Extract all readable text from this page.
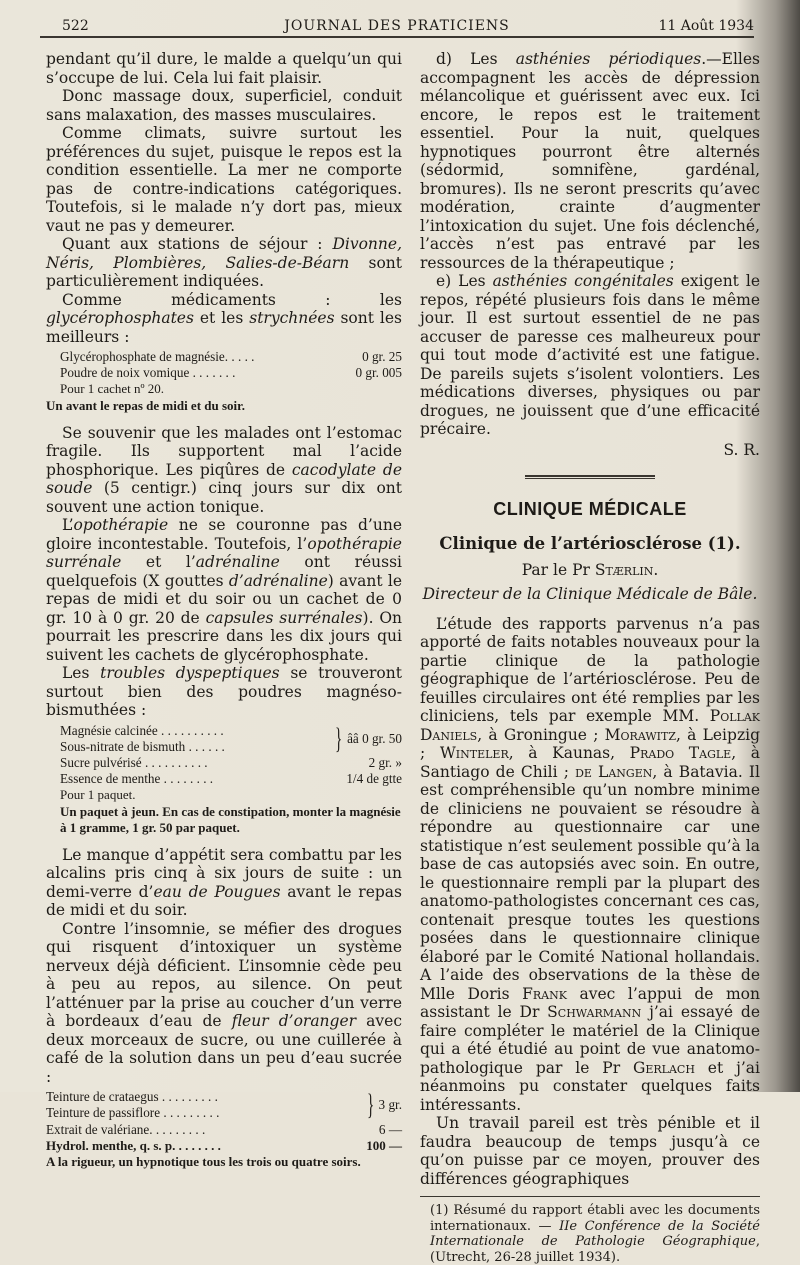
522	JOURNAL DES PRATICIENS	11 Août 1934

pendant qu’il dure, le malde a quelqu’un qui s’occupe de lui. Cela lui fait plaisir.

Donc massage doux, superficiel, conduit sans malaxation, des masses musculaires.

Comme climats, suivre surtout les préférences du sujet, puisque le repos est la condition essentielle. La mer ne comporte pas de contre-indications catégoriques. Toutefois, si le malade n’y dort pas, mieux vaut ne pas y demeurer.

Quant aux stations de séjour : Divonne, Néris, Plombières, Salies-de-Béarn sont particulièrement indiquées.

Comme médicaments : les glycérophosphates et les strychnées sont les meilleurs :

Glycérophosphate de magnésie. . . . .	0 gr. 25
Poudre de noix vomique . . . . . . .	0 gr. 005
Pour 1 cachet nº 20.
Un avant le repas de midi et du soir.

Se souvenir que les malades ont l’estomac fragile. Ils supportent mal l’acide phosphorique. Les piqûres de cacodylate de soude (5 centigr.) cinq jours sur dix ont souvent une action tonique.

L’opothérapie ne se couronne pas d’une gloire incontestable. Toutefois, l’opothérapie surrénale et l’adrénaline ont réussi quelquefois (X gouttes d’adrénaline) avant le repas de midi et du soir ou un cachet de 0 gr. 10 à 0 gr. 20 de capsules surrénales). On pourrait les prescrire dans les dix jours qui suivent les cachets de glycérophosphate.

Les troubles dyspeptiques se trouveront surtout bien des poudres magnéso-bismuthées :

Magnésie calcinée . . . . . . . . . .
Sous-nitrate de bismuth . . . . . .	} ââ 0 gr. 50
Sucre pulvérisé . . . . . . . . . .	2 gr. »
Essence de menthe . . . . . . . .	1/4 de gtte
Pour 1 paquet.
Un paquet à jeun. En cas de constipation, monter la magnésie à 1 gramme, 1 gr. 50 par paquet.

Le manque d’appétit sera combattu par les alcalins pris cinq à six jours de suite : un demi-verre d’eau de Pougues avant le repas de midi et du soir.

Contre l’insomnie, se méfier des drogues qui risquent d’intoxiquer un système nerveux déjà déficient. L’insomnie cède peu à peu au repos, au silence. On peut l’atténuer par la prise au coucher d’un verre à bordeaux d’eau de fleur d’oranger avec deux morceaux de sucre, ou une cuillerée à café de la solution dans un peu d’eau sucrée :

Teinture de crataegus . . . . . . . . .
Teinture de passiflore . . . . . . . . .	} 3 gr.
Extrait de valériane. . . . . . . . .	6 —
Hydrol. menthe, q. s. p. . . . . . . .	100 —
A la rigueur, un hypnotique tous les trois ou quatre soirs.

d) Les asthénies périodiques.—Elles accompagnent les accès de dépression mélancolique et guérissent avec eux. Ici encore, le repos est le traitement essentiel. Pour la nuit, quelques hypnotiques pourront être alternés (sédormid, somnifène, gardénal, bromures). Ils ne seront prescrits qu’avec modération, crainte d’augmenter l’intoxication du sujet. Une fois déclenché, l’accès n’est pas entravé par les ressources de la thérapeutique ;

e) Les asthénies congénitales exigent le repos, répété plusieurs fois dans le même jour. Il est surtout essentiel de ne pas accuser de paresse ces malheureux pour qui tout mode d’activité est une fatigue. De pareils sujets s’isolent volontiers. Les médications diverses, physiques ou par drogues, ne jouissent que d’une efficacité précaire.

S. R.
CLINIQUE MÉDICALE
Clinique de l’artériosclérose (1).
Par le Pr Stærlin.
Directeur de la Clinique Médicale de Bâle.

L’étude des rapports parvenus n’a pas apporté de faits notables nouveaux pour la partie clinique de la pathologie géographique de l’artériosclérose. Peu de feuilles circulaires ont été remplies par les cliniciens, tels par exemple MM. Pollak Daniels, à Groningue ; Morawitz, à Leipzig ; Winteler, à Kaunas, Prado Tagle, à Santiago de Chili ; de Langen, à Batavia. Il est compréhensible qu’un nombre minime de cliniciens ne pouvaient se résoudre à répondre au questionnaire car une statistique n’est seulement possible qu’à la base de cas autopsiés avec soin. En outre, le questionnaire rempli par la plupart des anatomo-pathologistes concernant ces cas, contenait presque toutes les questions posées dans le questionnaire clinique élaboré par le Comité National hollandais. A l’aide des observations de la thèse de Mlle Doris Frank avec l’appui de mon assistant le Dr Schwarmann j’ai essayé de faire compléter le matériel de la Clinique qui a été étudié au point de vue anatomo-pathologique par le Pr Gerlach et j’ai néanmoins pu constater quelques faits intéressants.

Un travail pareil est très pénible et il faudra beaucoup de temps jusqu’à ce qu’on puisse par ce moyen, prouver des différences géographiques

(1) Résumé du rapport établi avec les documents internationaux. — IIe Conférence de la Société Internationale de Pathologie Géographique, (Utrecht, 26-28 juillet 1934).
